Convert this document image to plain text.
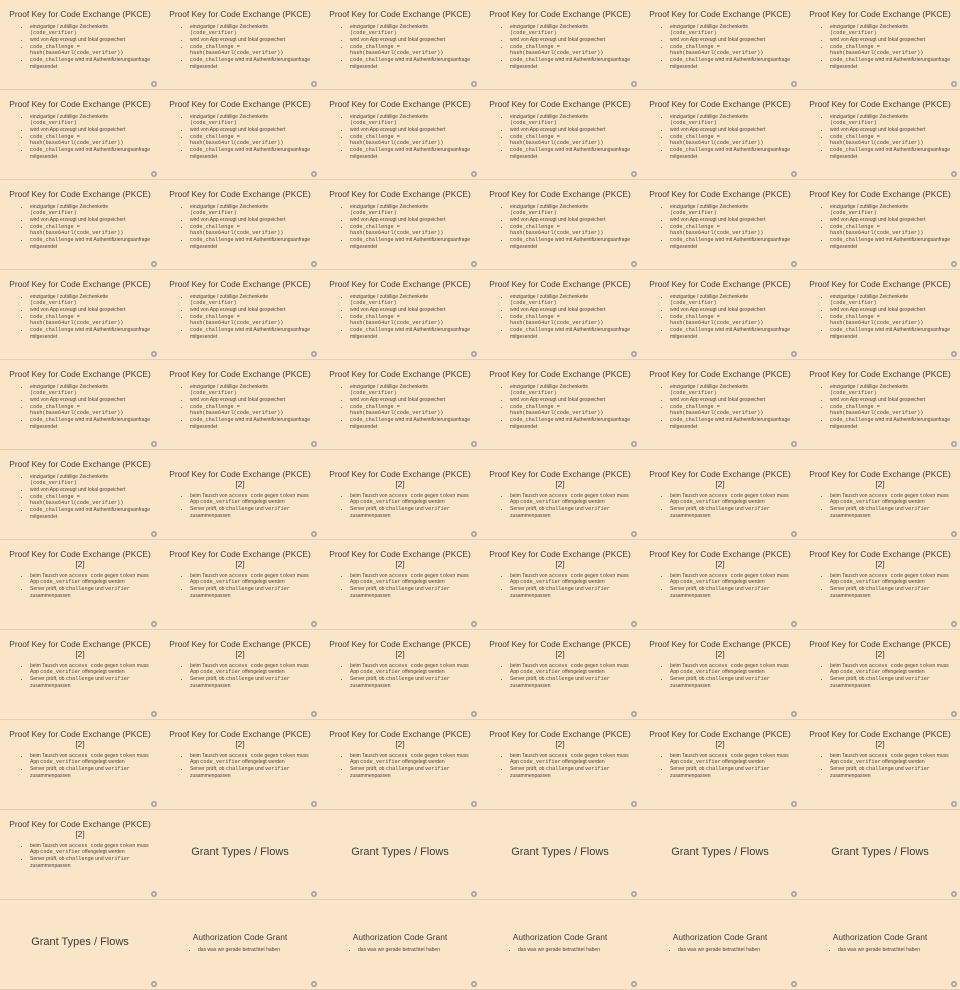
Proof Key for Code Exchange (PKCE)
• einzigartige / zufällige Zeichenkette (code_verifier)
• wird von App erzeugt und lokal gespeichert
• code_challenge = hash(base64url(code_verifier))
• code_challenge wird mit Authentifizierungsanfrage mitgesendet
Proof Key for Code Exchange (PKCE)
• einzigartige / zufällige Zeichenkette (code_verifier)
• wird von App erzeugt und lokal gespeichert
• code_challenge = hash(base64url(code_verifier))
• code_challenge wird mit Authentifizierungsanfrage mitgesendet
Proof Key for Code Exchange (PKCE)
• einzigartige / zufällige Zeichenkette (code_verifier)
• wird von App erzeugt und lokal gespeichert
• code_challenge = hash(base64url(code_verifier))
• code_challenge wird mit Authentifizierungsanfrage mitgesendet
Proof Key for Code Exchange (PKCE)
• einzigartige / zufällige Zeichenkette (code_verifier)
• wird von App erzeugt und lokal gespeichert
• code_challenge = hash(base64url(code_verifier))
• code_challenge wird mit Authentifizierungsanfrage mitgesendet
Proof Key for Code Exchange (PKCE)
• einzigartige / zufällige Zeichenkette (code_verifier)
• wird von App erzeugt und lokal gespeichert
• code_challenge = hash(base64url(code_verifier))
• code_challenge wird mit Authentifizierungsanfrage mitgesendet
Proof Key for Code Exchange (PKCE)
• einzigartige / zufällige Zeichenkette (code_verifier)
• wird von App erzeugt und lokal gespeichert
• code_challenge = hash(base64url(code_verifier))
• code_challenge wird mit Authentifizierungsanfrage mitgesendet
Proof Key for Code Exchange (PKCE)
• einzigartige / zufällige Zeichenkette (code_verifier)
• wird von App erzeugt und lokal gespeichert
• code_challenge = hash(base64url(code_verifier))
• code_challenge wird mit Authentifizierungsanfrage mitgesendet
Proof Key for Code Exchange (PKCE)
• einzigartige / zufällige Zeichenkette (code_verifier)
• wird von App erzeugt und lokal gespeichert
• code_challenge = hash(base64url(code_verifier))
• code_challenge wird mit Authentifizierungsanfrage mitgesendet
Proof Key for Code Exchange (PKCE)
• einzigartige / zufällige Zeichenkette (code_verifier)
• wird von App erzeugt und lokal gespeichert
• code_challenge = hash(base64url(code_verifier))
• code_challenge wird mit Authentifizierungsanfrage mitgesendet
Proof Key for Code Exchange (PKCE)
• einzigartige / zufällige Zeichenkette (code_verifier)
• wird von App erzeugt und lokal gespeichert
• code_challenge = hash(base64url(code_verifier))
• code_challenge wird mit Authentifizierungsanfrage mitgesendet
Proof Key for Code Exchange (PKCE)
• einzigartige / zufällige Zeichenkette (code_verifier)
• wird von App erzeugt und lokal gespeichert
• code_challenge = hash(base64url(code_verifier))
• code_challenge wird mit Authentifizierungsanfrage mitgesendet
Proof Key for Code Exchange (PKCE)
• einzigartige / zufällige Zeichenkette (code_verifier)
• wird von App erzeugt und lokal gespeichert
• code_challenge = hash(base64url(code_verifier))
• code_challenge wird mit Authentifizierungsanfrage mitgesendet
Proof Key for Code Exchange (PKCE)
• einzigartige / zufällige Zeichenkette (code_verifier)
• wird von App erzeugt und lokal gespeichert
• code_challenge = hash(base64url(code_verifier))
• code_challenge wird mit Authentifizierungsanfrage mitgesendet
Proof Key for Code Exchange (PKCE)
• einzigartige / zufällige Zeichenkette (code_verifier)
• wird von App erzeugt und lokal gespeichert
• code_challenge = hash(base64url(code_verifier))
• code_challenge wird mit Authentifizierungsanfrage mitgesendet
Proof Key for Code Exchange (PKCE)
• einzigartige / zufällige Zeichenkette (code_verifier)
• wird von App erzeugt und lokal gespeichert
• code_challenge = hash(base64url(code_verifier))
• code_challenge wird mit Authentifizierungsanfrage mitgesendet
Proof Key for Code Exchange (PKCE)
• einzigartige / zufällige Zeichenkette (code_verifier)
• wird von App erzeugt und lokal gespeichert
• code_challenge = hash(base64url(code_verifier))
• code_challenge wird mit Authentifizierungsanfrage mitgesendet
Proof Key for Code Exchange (PKCE)
• einzigartige / zufällige Zeichenkette (code_verifier)
• wird von App erzeugt und lokal gespeichert
• code_challenge = hash(base64url(code_verifier))
• code_challenge wird mit Authentifizierungsanfrage mitgesendet
Proof Key for Code Exchange (PKCE)
• einzigartige / zufällige Zeichenkette (code_verifier)
• wird von App erzeugt und lokal gespeichert
• code_challenge = hash(base64url(code_verifier))
• code_challenge wird mit Authentifizierungsanfrage mitgesendet
Proof Key for Code Exchange (PKCE)
• einzigartige / zufällige Zeichenkette (code_verifier)
• wird von App erzeugt und lokal gespeichert
• code_challenge = hash(base64url(code_verifier))
• code_challenge wird mit Authentifizierungsanfrage mitgesendet
Proof Key for Code Exchange (PKCE)
• einzigartige / zufällige Zeichenkette (code_verifier)
• wird von App erzeugt und lokal gespeichert
• code_challenge = hash(base64url(code_verifier))
• code_challenge wird mit Authentifizierungsanfrage mitgesendet
Proof Key for Code Exchange (PKCE)
• einzigartige / zufällige Zeichenkette (code_verifier)
• wird von App erzeugt und lokal gespeichert
• code_challenge = hash(base64url(code_verifier))
• code_challenge wird mit Authentifizierungsanfrage mitgesendet
Proof Key for Code Exchange (PKCE)
• einzigartige / zufällige Zeichenkette (code_verifier)
• wird von App erzeugt und lokal gespeichert
• code_challenge = hash(base64url(code_verifier))
• code_challenge wird mit Authentifizierungsanfrage mitgesendet
Proof Key for Code Exchange (PKCE)
• einzigartige / zufällige Zeichenkette (code_verifier)
• wird von App erzeugt und lokal gespeichert
• code_challenge = hash(base64url(code_verifier))
• code_challenge wird mit Authentifizierungsanfrage mitgesendet
Proof Key for Code Exchange (PKCE)
• einzigartige / zufällige Zeichenkette (code_verifier)
• wird von App erzeugt und lokal gespeichert
• code_challenge = hash(base64url(code_verifier))
• code_challenge wird mit Authentifizierungsanfrage mitgesendet
Proof Key for Code Exchange (PKCE)
• einzigartige / zufällige Zeichenkette (code_verifier)
• wird von App erzeugt und lokal gespeichert
• code_challenge = hash(base64url(code_verifier))
• code_challenge wird mit Authentifizierungsanfrage mitgesendet
Proof Key for Code Exchange (PKCE)
• einzigartige / zufällige Zeichenkette (code_verifier)
• wird von App erzeugt und lokal gespeichert
• code_challenge = hash(base64url(code_verifier))
• code_challenge wird mit Authentifizierungsanfrage mitgesendet
Proof Key for Code Exchange (PKCE)
• einzigartige / zufällige Zeichenkette (code_verifier)
• wird von App erzeugt und lokal gespeichert
• code_challenge = hash(base64url(code_verifier))
• code_challenge wird mit Authentifizierungsanfrage mitgesendet
Proof Key for Code Exchange (PKCE)
• einzigartige / zufällige Zeichenkette (code_verifier)
• wird von App erzeugt und lokal gespeichert
• code_challenge = hash(base64url(code_verifier))
• code_challenge wird mit Authentifizierungsanfrage mitgesendet
Proof Key for Code Exchange (PKCE)
• einzigartige / zufällige Zeichenkette (code_verifier)
• wird von App erzeugt und lokal gespeichert
• code_challenge = hash(base64url(code_verifier))
• code_challenge wird mit Authentifizierungsanfrage mitgesendet
Proof Key for Code Exchange (PKCE)
• einzigartige / zufällige Zeichenkette (code_verifier)
• wird von App erzeugt und lokal gespeichert
• code_challenge = hash(base64url(code_verifier))
• code_challenge wird mit Authentifizierungsanfrage mitgesendet
Proof Key for Code Exchange (PKCE)
• einzigartige / zufällige Zeichenkette (code_verifier)
• wird von App erzeugt und lokal gespeichert
• code_challenge = hash(base64url(code_verifier))
• code_challenge wird mit Authentifizierungsanfrage mitgesendet
Proof Key for Code Exchange (PKCE) [2]
• beim Tausch von access code gegen token muss App code_verifier offengelegt werden
• Server prüft, ob challenge und verifier zusammenpassen
Proof Key for Code Exchange (PKCE) [2]
• beim Tausch von access code gegen token muss App code_verifier offengelegt werden
• Server prüft, ob challenge und verifier zusammenpassen
Proof Key for Code Exchange (PKCE) [2]
• beim Tausch von access code gegen token muss App code_verifier offengelegt werden
• Server prüft, ob challenge und verifier zusammenpassen
Proof Key for Code Exchange (PKCE) [2]
• beim Tausch von access code gegen token muss App code_verifier offengelegt werden
• Server prüft, ob challenge und verifier zusammenpassen
Proof Key for Code Exchange (PKCE) [2]
• beim Tausch von access code gegen token muss App code_verifier offengelegt werden
• Server prüft, ob challenge und verifier zusammenpassen
Proof Key for Code Exchange (PKCE) [2]
• beim Tausch von access code gegen token muss App code_verifier offengelegt werden
• Server prüft, ob challenge und verifier zusammenpassen
Proof Key for Code Exchange (PKCE) [2]
• beim Tausch von access code gegen token muss App code_verifier offengelegt werden
• Server prüft, ob challenge und verifier zusammenpassen
Proof Key for Code Exchange (PKCE) [2]
• beim Tausch von access code gegen token muss App code_verifier offengelegt werden
• Server prüft, ob challenge und verifier zusammenpassen
Proof Key for Code Exchange (PKCE) [2]
• beim Tausch von access code gegen token muss App code_verifier offengelegt werden
• Server prüft, ob challenge und verifier zusammenpassen
Proof Key for Code Exchange (PKCE) [2]
• beim Tausch von access code gegen token muss App code_verifier offengelegt werden
• Server prüft, ob challenge und verifier zusammenpassen
Proof Key for Code Exchange (PKCE) [2]
• beim Tausch von access code gegen token muss App code_verifier offengelegt werden
• Server prüft, ob challenge und verifier zusammenpassen
Proof Key for Code Exchange (PKCE) [2]
• beim Tausch von access code gegen token muss App code_verifier offengelegt werden
• Server prüft, ob challenge und verifier zusammenpassen
Proof Key for Code Exchange (PKCE) [2]
• beim Tausch von access code gegen token muss App code_verifier offengelegt werden
• Server prüft, ob challenge und verifier zusammenpassen
Proof Key for Code Exchange (PKCE) [2]
• beim Tausch von access code gegen token muss App code_verifier offengelegt werden
• Server prüft, ob challenge und verifier zusammenpassen
Proof Key for Code Exchange (PKCE) [2]
• beim Tausch von access code gegen token muss App code_verifier offengelegt werden
• Server prüft, ob challenge und verifier zusammenpassen
Proof Key for Code Exchange (PKCE) [2]
• beim Tausch von access code gegen token muss App code_verifier offengelegt werden
• Server prüft, ob challenge und verifier zusammenpassen
Proof Key for Code Exchange (PKCE) [2]
• beim Tausch von access code gegen token muss App code_verifier offengelegt werden
• Server prüft, ob challenge und verifier zusammenpassen
Proof Key for Code Exchange (PKCE) [2]
• beim Tausch von access code gegen token muss App code_verifier offengelegt werden
• Server prüft, ob challenge und verifier zusammenpassen
Proof Key for Code Exchange (PKCE) [2]
• beim Tausch von access code gegen token muss App code_verifier offengelegt werden
• Server prüft, ob challenge und verifier zusammenpassen
Proof Key for Code Exchange (PKCE) [2]
• beim Tausch von access code gegen token muss App code_verifier offengelegt werden
• Server prüft, ob challenge und verifier zusammenpassen
Proof Key for Code Exchange (PKCE) [2]
• beim Tausch von access code gegen token muss App code_verifier offengelegt werden
• Server prüft, ob challenge und verifier zusammenpassen
Proof Key for Code Exchange (PKCE) [2]
• beim Tausch von access code gegen token muss App code_verifier offengelegt werden
• Server prüft, ob challenge und verifier zusammenpassen
Proof Key for Code Exchange (PKCE) [2]
• beim Tausch von access code gegen token muss App code_verifier offengelegt werden
• Server prüft, ob challenge und verifier zusammenpassen
Proof Key for Code Exchange (PKCE) [2]
• beim Tausch von access code gegen token muss App code_verifier offengelegt werden
• Server prüft, ob challenge und verifier zusammenpassen
Grant Types / Flows	Grant Types / Flows	Grant Types / Flows	Grant Types / Flows	Grant Types / Flows
Grant Types / Flows	Authorization Code Grant
• das was wir gerade betrachtet haben
Authorization Code Grant
• das was wir gerade betrachtet haben
Authorization Code Grant
• das was wir gerade betrachtet haben
Authorization Code Grant
• das was wir gerade betrachtet haben
Authorization Code Grant
• das was wir gerade betrachtet haben
